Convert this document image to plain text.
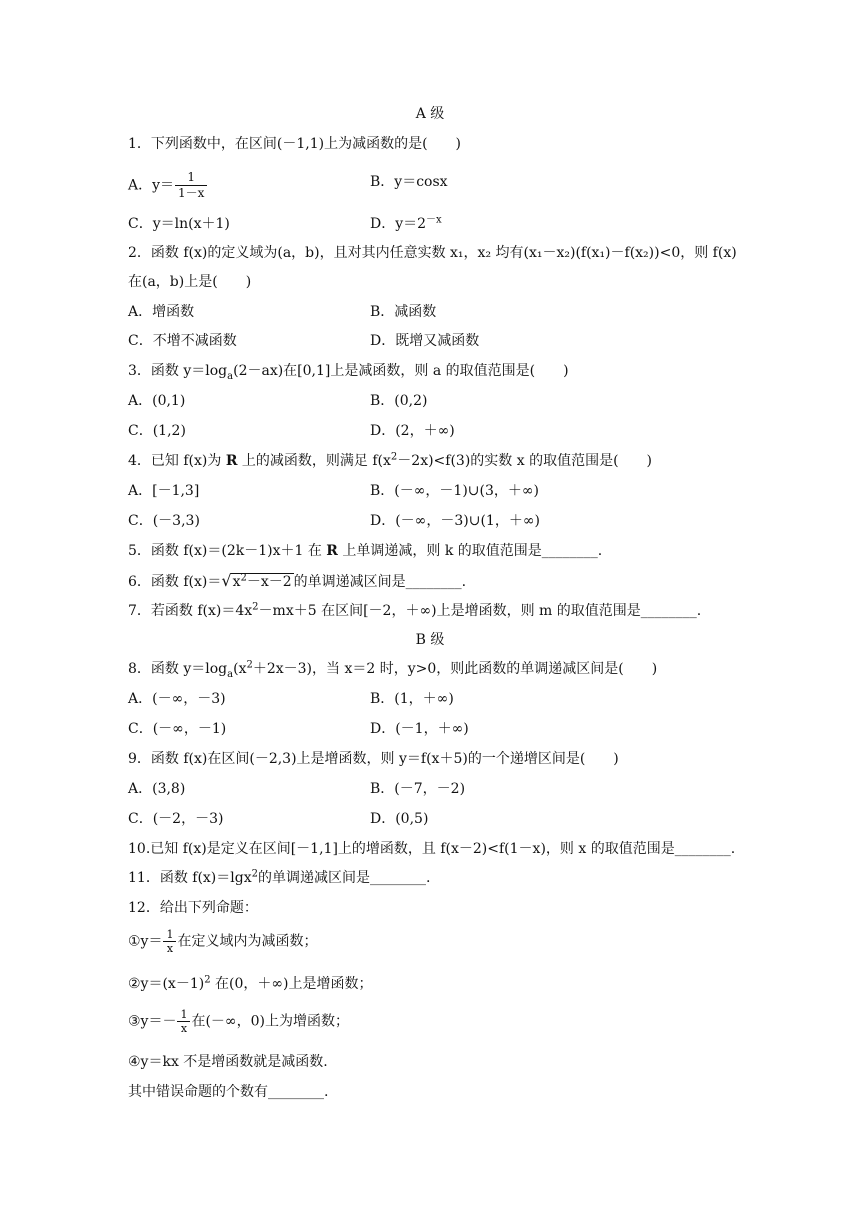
A 级
1．下列函数中，在区间(－1,1)上为减函数的是(　　)
A．$y= \frac{1}{1-x}$	B．y＝cosx
C．y＝ln(x＋1)	D．$y=2^{-x}$
2．函数 f(x)的定义域为(a，b)，且对其内任意实数 x₁，x₂ 均有(x₁－x₂)(f(x₁)－f(x₂))<0，则 f(x)
在(a，b)上是(　　)
A．增函数	B．减函数
C．不增不减函数	D．既增又减函数
3．函数 $y=\log_a(2-ax)$在[0,1]上是减函数，则 a 的取值范围是(　　)
A．(0,1)	B．(0,2)
C．(1,2)	D．(2，＋∞)
4．已知 f(x)为 R 上的减函数，则满足 $f(x^2-2x)<f(3)$的实数 x 的取值范围是(　　)
A．[－1,3]	B．(－∞，－1)∪(3，＋∞)
C．(－3,3)	D．(－∞，－3)∪(1，＋∞)
5．函数 f(x)＝(2k－1)x＋1 在 R 上单调递减，则 k 的取值范围是________.
6．函数 $f(x)=√x^2-x-2$ 的单调递减区间是________.
7．若函数 $f(x)=4x^2-mx+5$ 在区间[－2，＋∞)上是增函数，则 m 的取值范围是________.
B 级
8．函数 $y=\log_a(x^2+2x-3)$，当 x＝2 时，y>0，则此函数的单调递减区间是(　　)
A．(－∞，－3)	B．(1，＋∞)
C．(－∞，－1)	D．(－1，＋∞)
9．函数 f(x)在区间(－2,3)上是增函数，则 y＝f(x＋5)的一个递增区间是(　　)
A．(3,8)	B．(－7，－2)
C．(－2，－3)	D．(0,5)
10.已知 f(x)是定义在区间[－1,1]上的增函数，且 f(x－2)<f(1－x)，则 x 的取值范围是________.
11．函数 f(x)＝lgx$^2$的单调递减区间是________.
12．给出下列命题：
①y＝ $\frac{1}{x}$ 在定义域内为减函数；
$②y=(x-1)^2$ 在(0，＋∞)上是增函数；
③y＝－ $\frac{1}{x}$ 在(－∞，0)上为增函数；
④y＝kx 不是增函数就是减函数.
其中错误命题的个数有________.
